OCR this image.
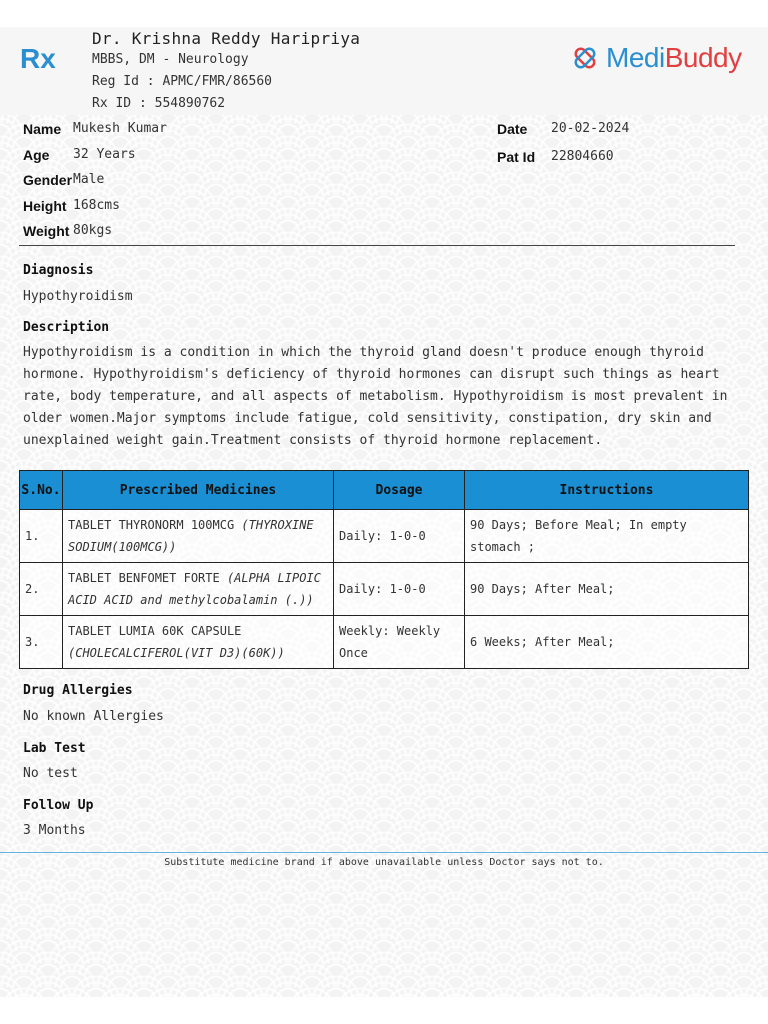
Rx
Dr. Krishna Reddy Haripriya
MBBS, DM - Neurology
Reg Id : APMC/FMR/86560
Rx ID : 554890762
MediBuddy
Name Mukesh Kumar
Age 32 Years
Gender Male
Height 168cms
Weight 80kgs
Date 20-02-2024
Pat Id 22804660
Diagnosis
Hypothyroidism
Description

Hypothyroidism is a condition in which the thyroid gland doesn't produce enough thyroid hormone. Hypothyroidism's deficiency of thyroid hormones can disrupt such things as heart rate, body temperature, and all aspects of metabolism. Hypothyroidism is most prevalent in older women.Major symptoms include fatigue, cold sensitivity, constipation, dry skin and unexplained weight gain.Treatment consists of thyroid hormone replacement.

S.No.	Prescribed Medicines	Dosage	Instructions
1.	TABLET THYRONORM 100MCG (THYROXINE SODIUM(100MCG))	Daily: 1-0-0	90 Days; Before Meal; In empty stomach ;
2.	TABLET BENFOMET FORTE (ALPHA LIPOIC ACID ACID and methylcobalamin (.))	Daily: 1-0-0	90 Days; After Meal;
3.	TABLET LUMIA 60K CAPSULE (CHOLECALCIFEROL(VIT D3)(60K))	Weekly: Weekly Once	6 Weeks; After Meal;
Drug Allergies
No known Allergies
Lab Test
No test
Follow Up
3 Months
Substitute medicine brand if above unavailable unless Doctor says not to.
